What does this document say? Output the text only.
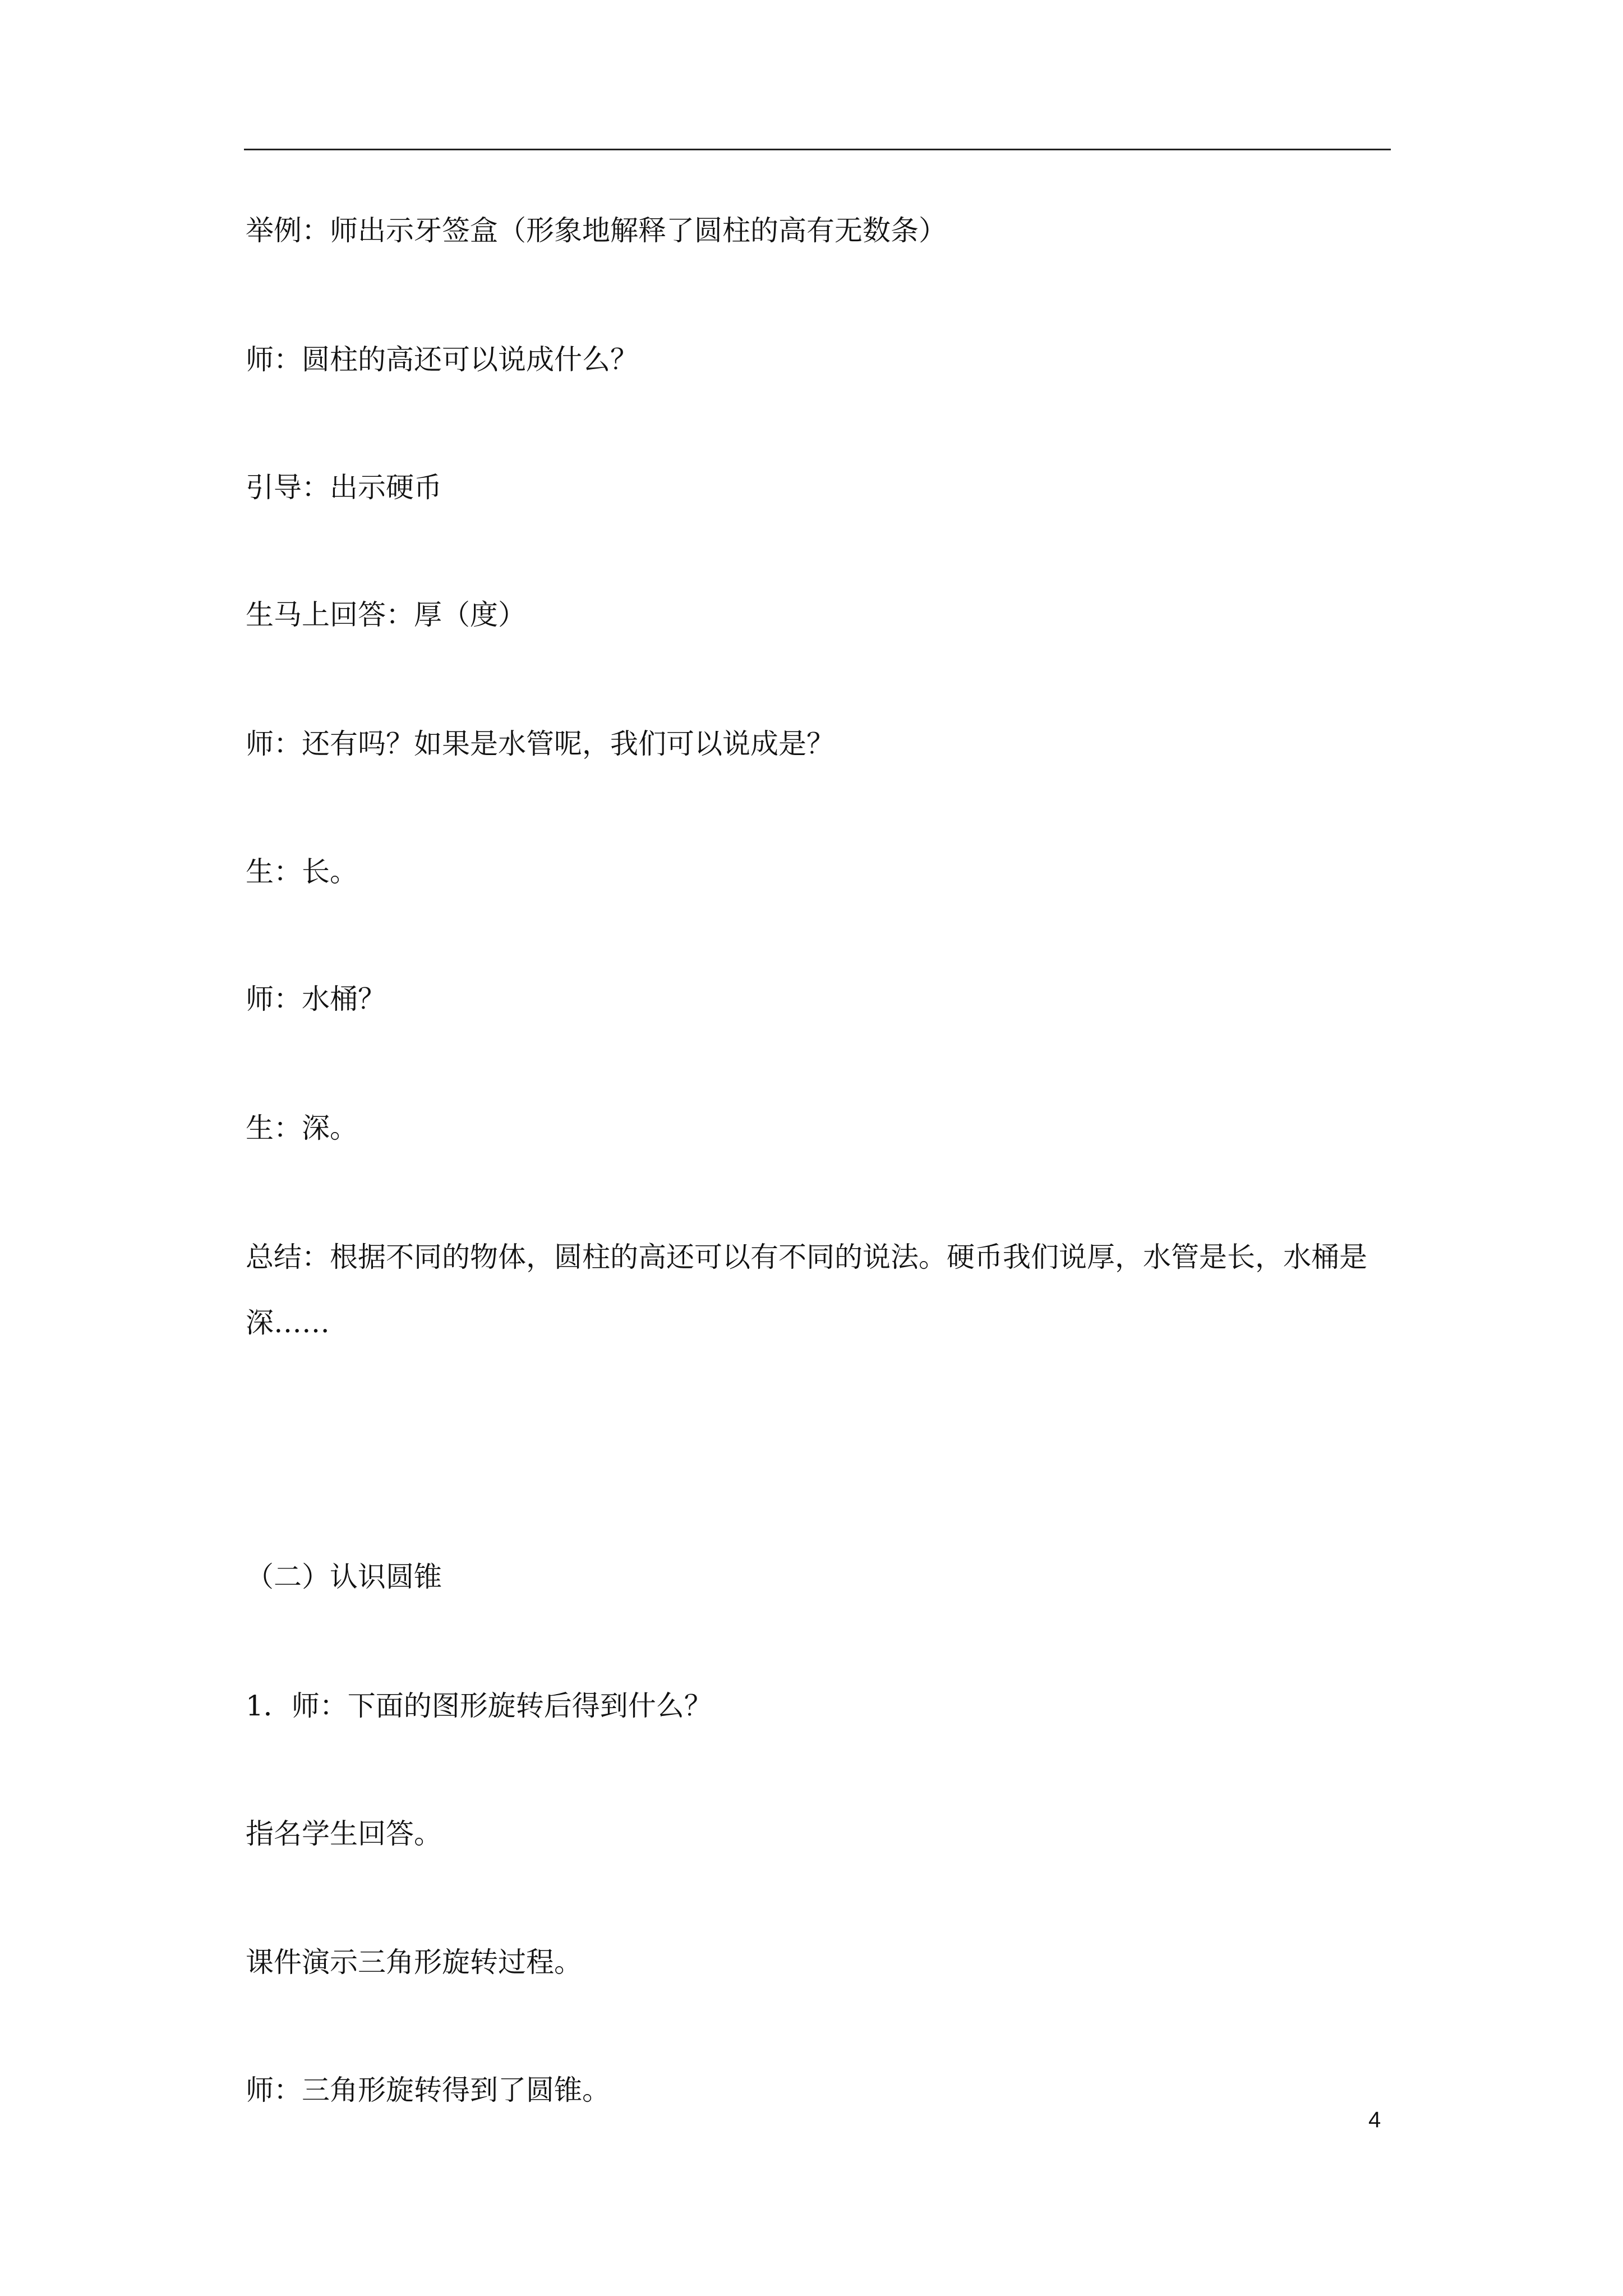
举例：师出示牙签盒（形象地解释了圆柱的高有无数条）
师：圆柱的高还可以说成什么？
引导：出示硬币
生马上回答：厚（度）
师：还有吗？如果是水管呢，我们可以说成是？
生：长。
师：水桶？
生：深。
总结：根据不同的物体，圆柱的高还可以有不同的说法。硬币我们说厚，水管是长，水桶是
深……
（二）认识圆锥
1．师：下面的图形旋转后得到什么？
指名学生回答。
课件演示三角形旋转过程。
师：三角形旋转得到了圆锥。
4
